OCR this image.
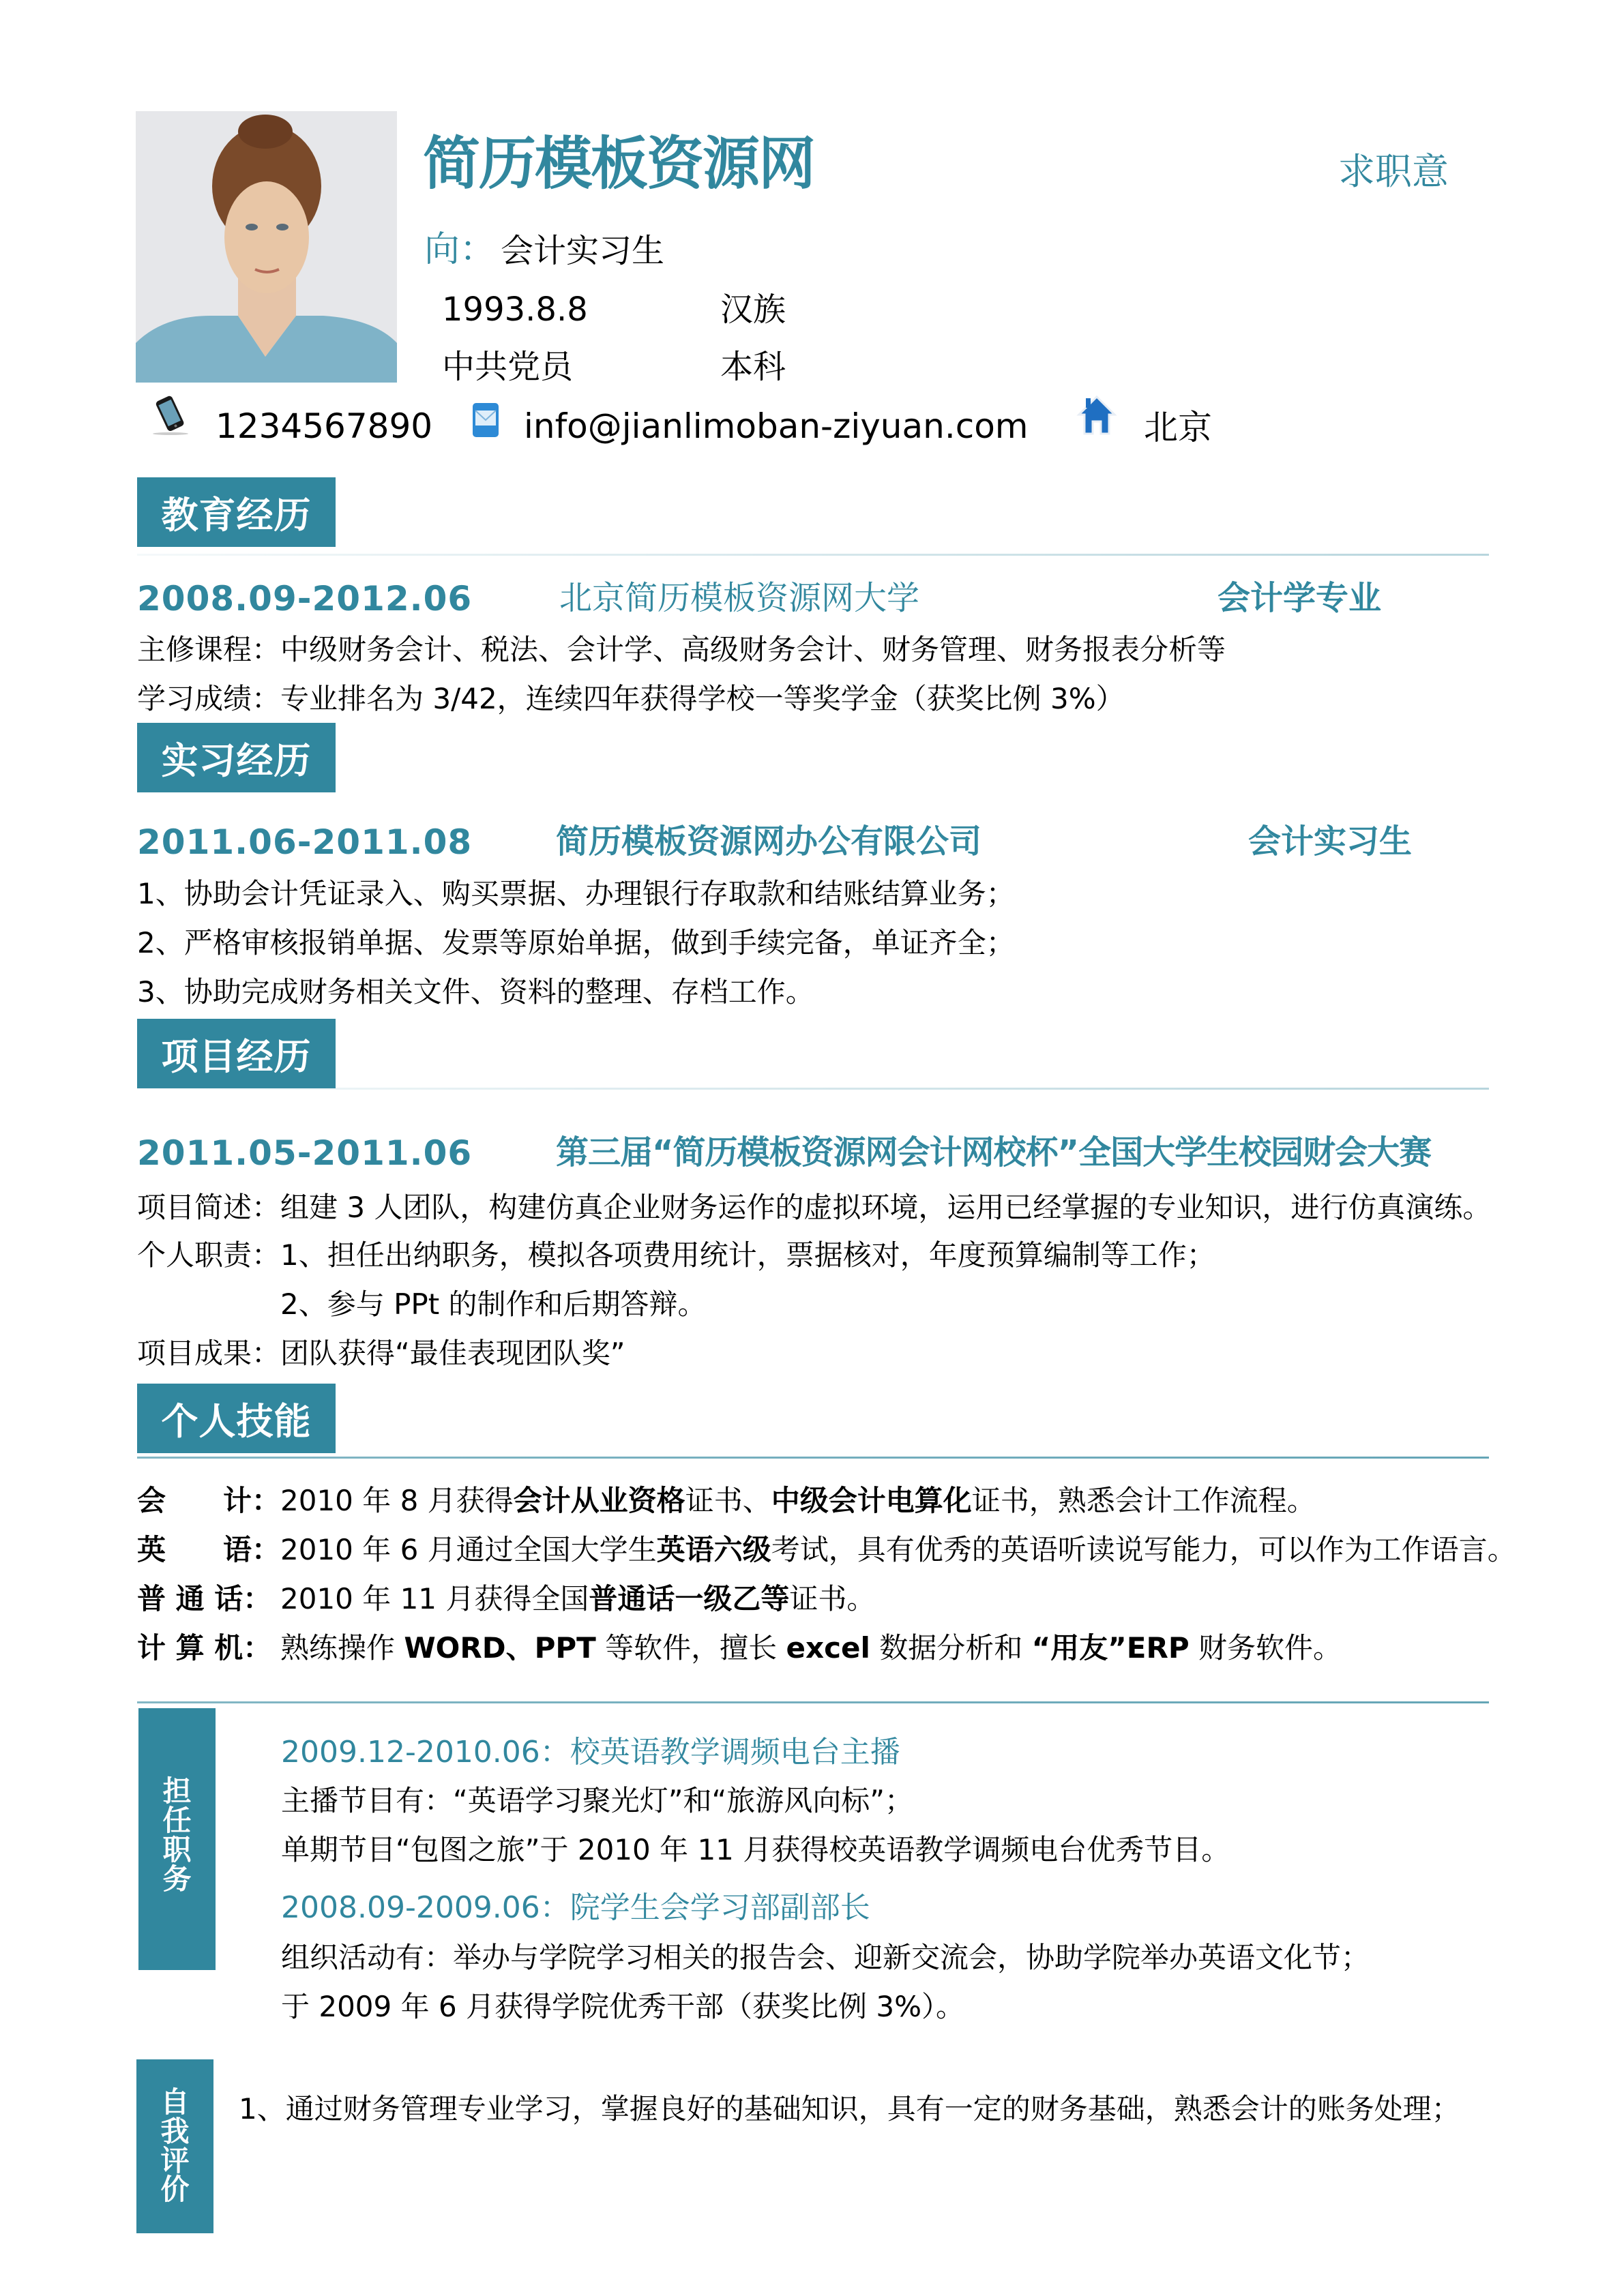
简历模板资源网	求职意
向： 会计实习生
1993.8.8	汉族
中共党员	本科
1234567890	info@jianlimoban-ziyuan.com	北京
教育经历
2008.09-2012.06	北京简历模板资源网大学	会计学专业
主修课程：中级财务会计、税法、会计学、高级财务会计、财务管理、财务报表分析等
学习成绩：专业排名为 3/42，连续四年获得学校一等奖学金（获奖比例 3%）
实习经历
2011.06-2011.08	简历模板资源网办公有限公司	会计实习生
1、协助会计凭证录入、购买票据、办理银行存取款和结账结算业务；
2、严格审核报销单据、发票等原始单据，做到手续完备，单证齐全；
3、协助完成财务相关文件、资料的整理、存档工作。
项目经历
2011.05-2011.06	第三届“简历模板资源网会计网校杯”全国大学生校园财会大赛
项目简述： 组建 3 人团队，构建仿真企业财务运作的虚拟环境，运用已经掌握的专业知识，进行仿真演练。
个人职责： 1、担任出纳职务，模拟各项费用统计，票据核对，年度预算编制等工作；
2、参与 PPt 的制作和后期答辩。
项目成果： 团队获得“最佳表现团队奖”
个人技能
会　　计： 2010 年 8 月获得会计从业资格证书、中级会计电算化证书，熟悉会计工作流程。
英　　语： 2010 年 6 月通过全国大学生英语六级考试，具有优秀的英语听读说写能力，可以作为工作语言。
普 通 话： 2010 年 11 月获得全国普通话一级乙等证书。
计 算 机： 熟练操作 WORD、PPT 等软件，擅长 excel 数据分析和 “用友”ERP 财务软件。
担
任
职
务
2009.12-2010.06：校英语教学调频电台主播
主播节目有：“英语学习聚光灯”和“旅游风向标”；
单期节目“包图之旅”于 2010 年 11 月获得校英语教学调频电台优秀节目。
2008.09-2009.06：院学生会学习部副部长
组织活动有：举办与学院学习相关的报告会、迎新交流会，协助学院举办英语文化节；
于 2009 年 6 月获得学院优秀干部（获奖比例 3%）。
自
我
评
价
1、通过财务管理专业学习，掌握良好的基础知识，具有一定的财务基础，熟悉会计的账务处理；
